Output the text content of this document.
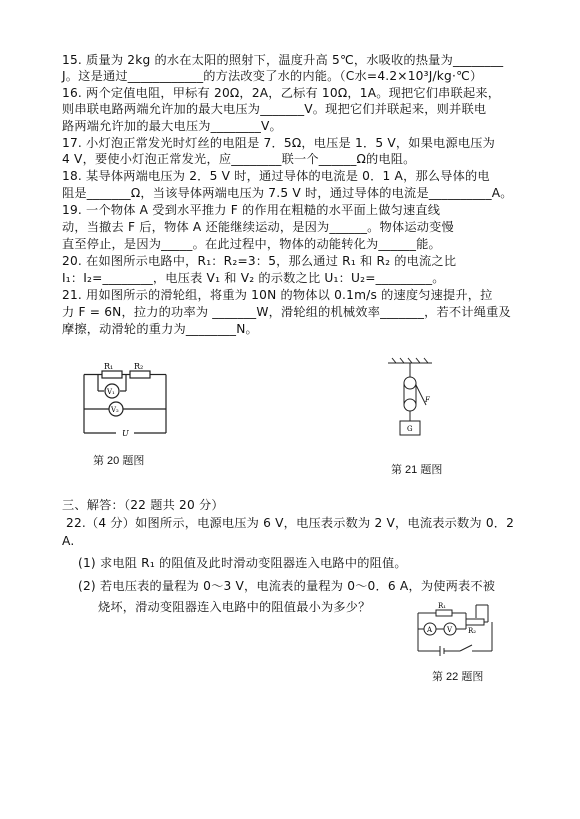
15. 质量为 2kg 的水在太阳的照射下，温度升高 5℃，水吸收的热量为________
J。这是通过____________的方法改变了水的内能。（C水=4.2×10³J/kg·℃）
16. 两个定值电阻，甲标有 20Ω，2A，乙标有 10Ω，1A。现把它们串联起来，
则串联电路两端允许加的最大电压为_______V。现把它们并联起来，则并联电
路两端允许加的最大电压为________V。
17. 小灯泡正常发光时灯丝的电阻是 7．5Ω，电压是 1．5 V，如果电源电压为
4 V，要使小灯泡正常发光，应________联一个______Ω的电阻。
18. 某导体两端电压为 2．5 V 时，通过导体的电流是 0．1 A，那么导体的电
阻是_______Ω，当该导体两端电压为 7.5 V 时，通过导体的电流是__________A。
19. 一个物体 A 受到水平推力 F 的作用在粗糙的水平面上做匀速直线
动，当撤去 F 后，物体 A 还能继续运动，是因为______。物体运动变慢
直至停止，是因为_____。在此过程中，物体的动能转化为______能。
20. 在如图所示电路中，R₁：R₂=3：5，那么通过 R₁ 和 R₂ 的电流之比
I₁：I₂=________，电压表 V₁ 和 V₂ 的示数之比 U₁：U₂=_________。
21. 用如图所示的滑轮组，将重为 10N 的物体以 0.1m/s 的速度匀速提升，拉
力 F = 6N，拉力的功率为 _______W，滑轮组的机械效率_______，若不计绳重及
摩擦，动滑轮的重力为________N。
R₁	R₂
V₁
V₂
U
第 20 题图
F
G
第 21 题图
三、解答：（22 题共 20 分）
22.（4 分）如图所示，电源电压为 6 V，电压表示数为 2 V，电流表示数为 0．2
A.
(1) 求电阻 R₁ 的阻值及此时滑动变阻器连入电路中的阻值。
(2) 若电压表的量程为 0～3 V，电流表的量程为 0～0．6 A，为使两表不被
烧坏，滑动变阻器连入电路中的阻值最小为多少？	R₁
R₂
A V
第 22 题图
